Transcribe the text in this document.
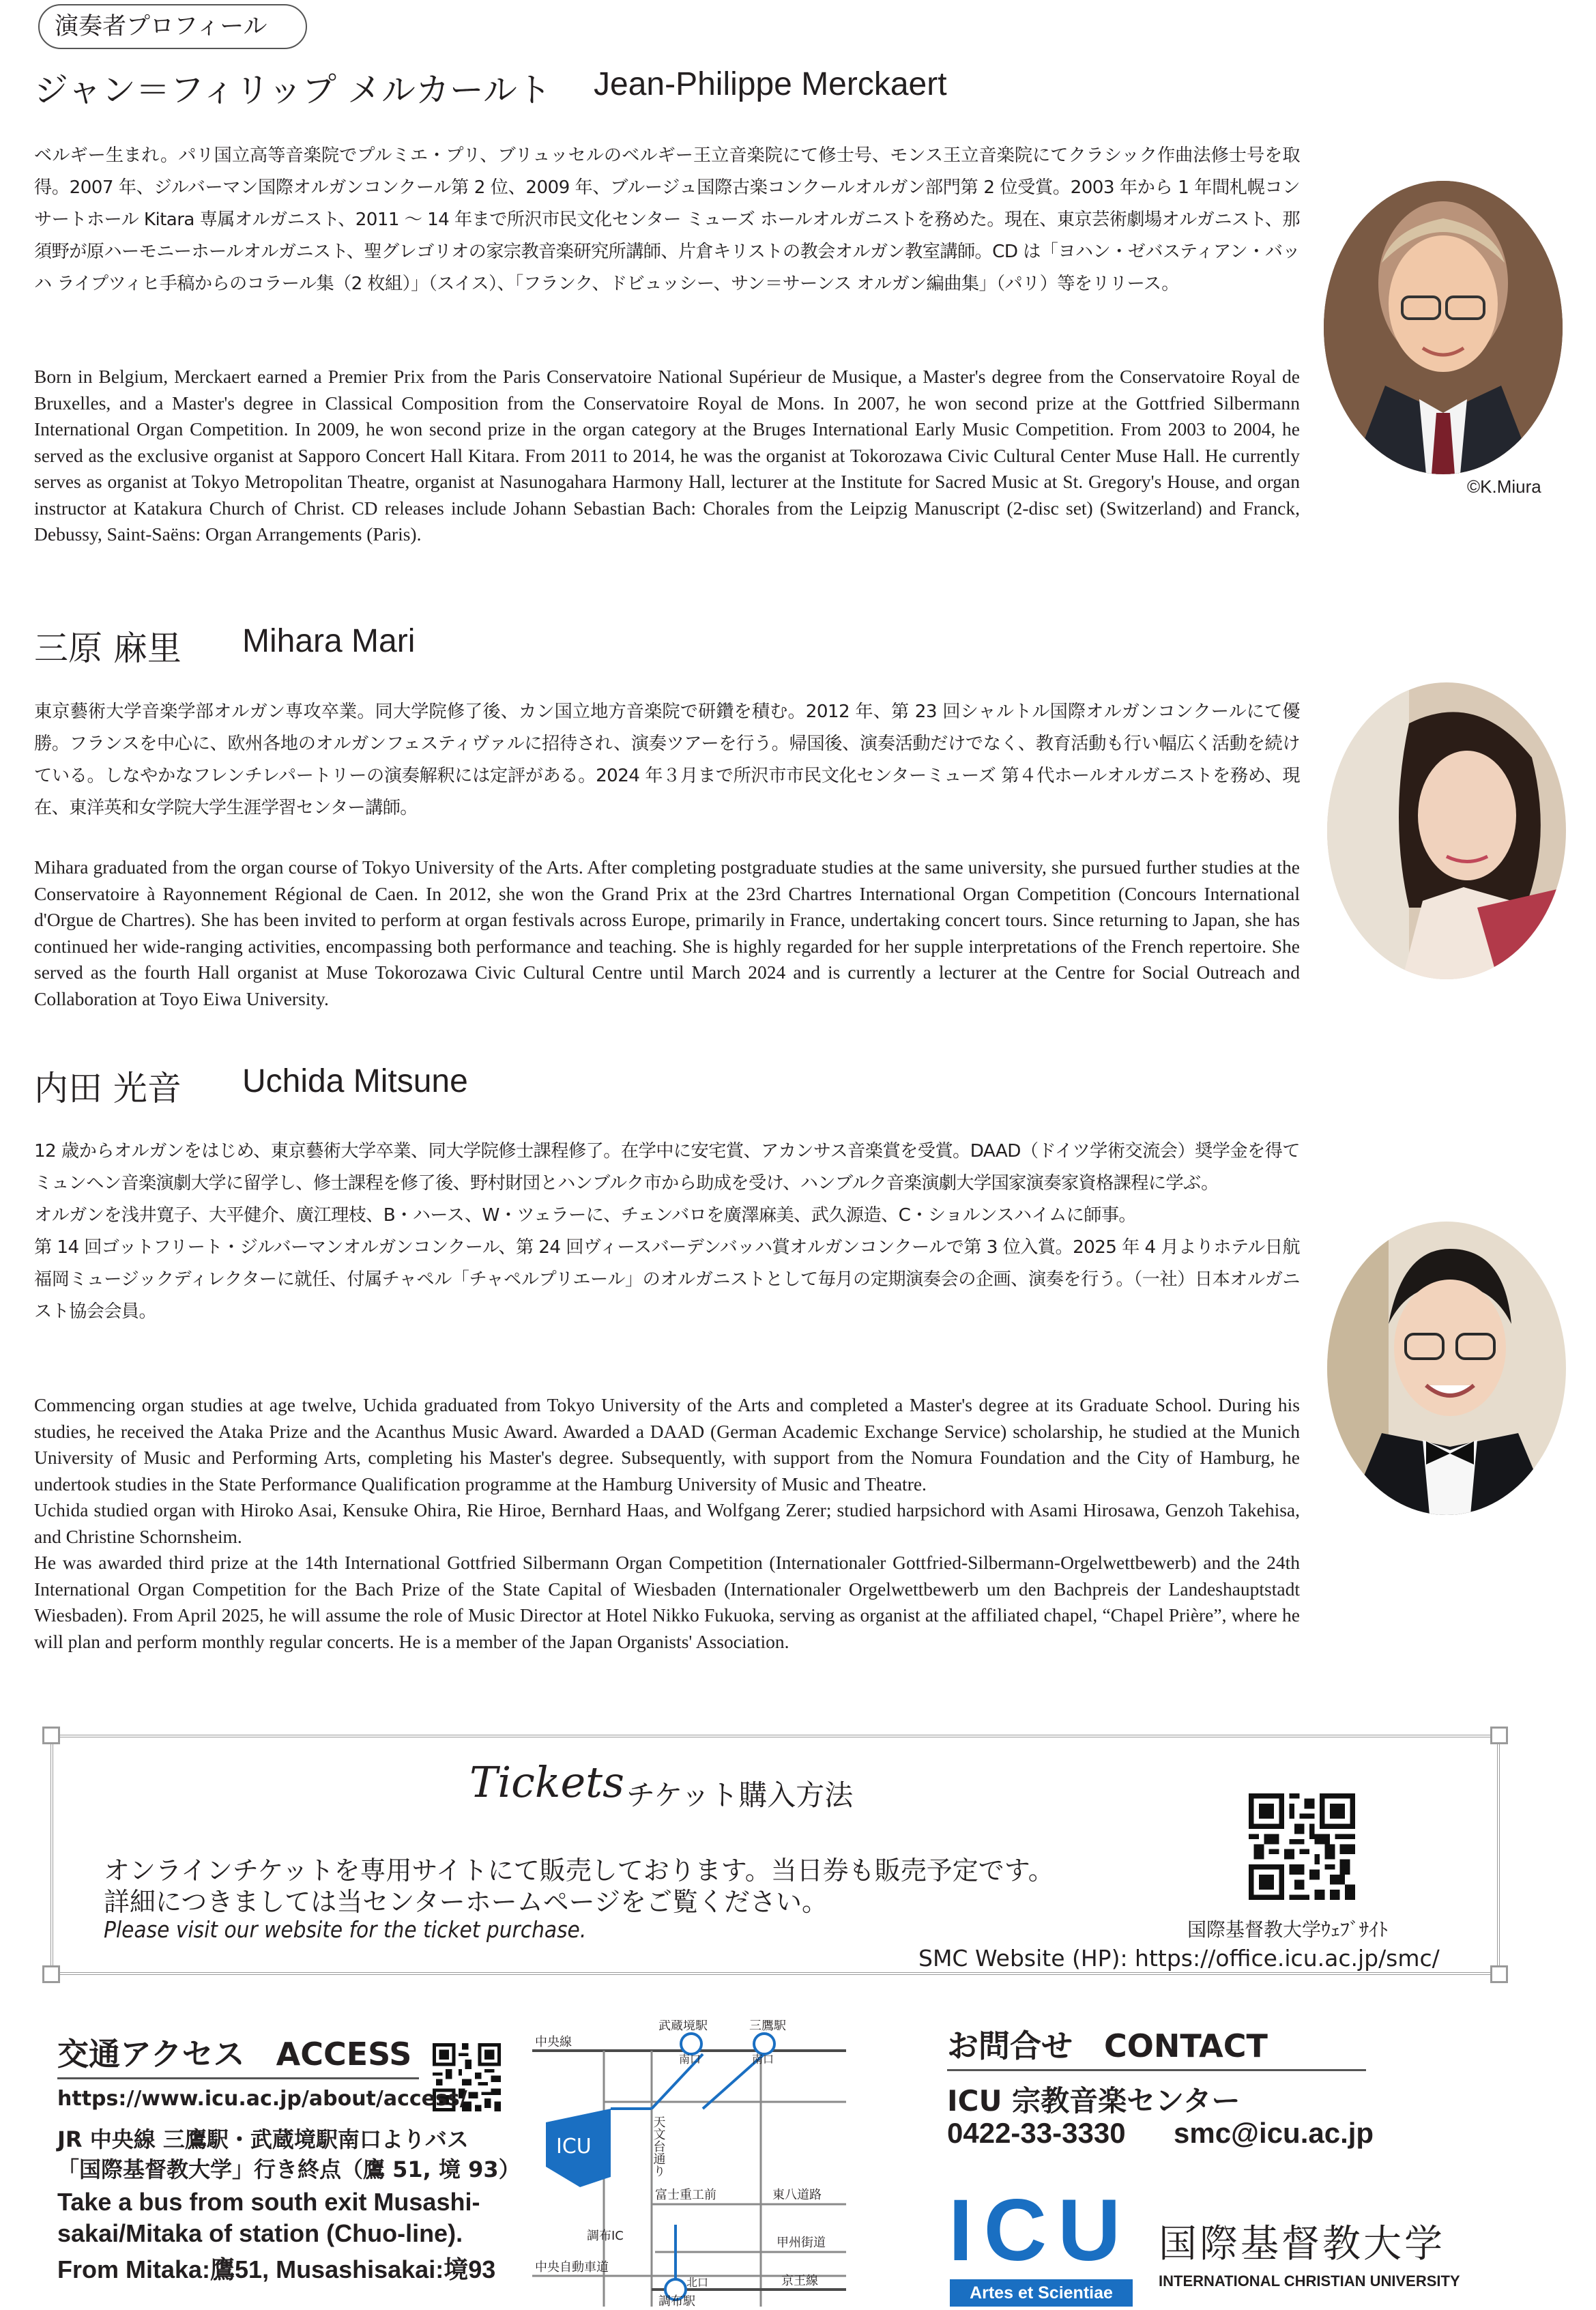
演奏者プロフィール
ジャン＝フィリップ メルカールト Jean-Philippe Merckaert
ベルギー生まれ。パリ国立高等音楽院でプルミエ・プリ、ブリュッセルのベルギー王立音楽院にて修士号、モンス王立音楽院にてクラシック作曲法修士号を取得。2007 年、ジルバーマン国際オルガンコンクール第 2 位、2009 年、ブルージュ国際古楽コンクールオルガン部門第 2 位受賞。2003 年から 1 年間札幌コンサートホール Kitara 専属オルガニスト、2011 ～ 14 年まで所沢市民文化センター ミューズ ホールオルガニストを務めた。現在、東京芸術劇場オルガニスト、那須野が原ハーモニーホールオルガニスト、聖グレゴリオの家宗教音楽研究所講師、片倉キリストの教会オルガン教室講師。CD は「ヨハン・ゼバスティアン・バッハ ライプツィヒ手稿からのコラール集（2 枚組）」（スイス）、「フランク、ドビュッシー、サン＝サーンス オルガン編曲集」（パリ）等をリリース。

Born in Belgium, Merckaert earned a Premier Prix from the Paris Conservatoire National Supérieur de Musique, a Master's degree from the Conservatoire Royal de Bruxelles, and a Master's degree in Classical Composition from the Conservatoire Royal de Mons. In 2007, he won second prize at the Gottfried Silbermann International Organ Competition. In 2009, he won second prize in the organ category at the Bruges International Early Music Competition. From 2003 to 2004, he served as the exclusive organist at Sapporo Concert Hall Kitara. From 2011 to 2014, he was the organist at Tokorozawa Civic Cultural Center Muse Hall. He currently serves as organist at Tokyo Metropolitan Theatre, organist at Nasunogahara Harmony Hall, lecturer at the Institute for Sacred Music at St. Gregory's House, and organ instructor at Katakura Church of Christ. CD releases include Johann Sebastian Bach: Chorales from the Leipzig Manuscript (2-disc set) (Switzerland) and Franck, Debussy, Saint-Saëns: Organ Arrangements (Paris).

©K.Miura
三原 麻里 Mihara Mari
東京藝術大学音楽学部オルガン専攻卒業。同大学院修了後、カン国立地方音楽院で研鑽を積む。2012 年、第 23 回シャルトル国際オルガンコンクールにて優勝。フランスを中心に、欧州各地のオルガンフェスティヴァルに招待され、演奏ツアーを行う。帰国後、演奏活動だけでなく、教育活動も行い幅広く活動を続けている。しなやかなフレンチレパートリーの演奏解釈には定評がある。2024 年３月まで所沢市市民文化センターミューズ 第４代ホールオルガニストを務め、現在、東洋英和女学院大学生涯学習センター講師。

Mihara graduated from the organ course of Tokyo University of the Arts. After completing postgraduate studies at the same university, she pursued further studies at the Conservatoire à Rayonnement Régional de Caen. In 2012, she won the Grand Prix at the 23rd Chartres International Organ Competition (Concours International d'Orgue de Chartres). She has been invited to perform at organ festivals across Europe, primarily in France, undertaking concert tours. Since returning to Japan, she has continued her wide-ranging activities, encompassing both performance and teaching. She is highly regarded for her supple interpretations of the French repertoire. She served as the fourth Hall organist at Muse Tokorozawa Civic Cultural Centre until March 2024 and is currently a lecturer at the Centre for Social Outreach and Collaboration at Toyo Eiwa University.

内田 光音 Uchida Mitsune
12 歳からオルガンをはじめ、東京藝術大学卒業、同大学院修士課程修了。在学中に安宅賞、アカンサス音楽賞を受賞。DAAD（ドイツ学術交流会）奨学金を得てミュンヘン音楽演劇大学に留学し、修士課程を修了後、野村財団とハンブルク市から助成を受け、ハンブルク音楽演劇大学国家演奏家資格課程に学ぶ。
オルガンを浅井寛子、大平健介、廣江理枝、B・ハース、W・ツェラーに、チェンバロを廣澤麻美、武久源造、C・ショルンスハイムに師事。
第 14 回ゴットフリート・ジルバーマンオルガンコンクール、第 24 回ヴィースバーデンバッハ賞オルガンコンクールで第 3 位入賞。2025 年 4 月よりホテル日航福岡ミュージックディレクターに就任、付属チャペル「チャペルプリエール」のオルガニストとして毎月の定期演奏会の企画、演奏を行う。（一社）日本オルガニスト協会会員。

Commencing organ studies at age twelve, Uchida graduated from Tokyo University of the Arts and completed a Master's degree at its Graduate School. During his studies, he received the Ataka Prize and the Acanthus Music Award. Awarded a DAAD (German Academic Exchange Service) scholarship, he studied at the Munich University of Music and Performing Arts, completing his Master's degree. Subsequently, with support from the Nomura Foundation and the City of Hamburg, he undertook studies in the State Performance Qualification programme at the Hamburg University of Music and Theatre.

Uchida studied organ with Hiroko Asai, Kensuke Ohira, Rie Hiroe, Bernhard Haas, and Wolfgang Zerer; studied harpsichord with Asami Hirosawa, Genzoh Takehisa, and Christine Schornsheim.

He was awarded third prize at the 14th International Gottfried Silbermann Organ Competition (Internationaler Gottfried-Silbermann-Orgelwettbewerb) and the 24th International Organ Competition for the Bach Prize of the State Capital of Wiesbaden (Internationaler Orgelwettbewerb um den Bachpreis der Landeshauptstadt Wiesbaden). From April 2025, he will assume the role of Music Director at Hotel Nikko Fukuoka, serving as organist at the affiliated chapel, “Chapel Prière”, where he will plan and perform monthly regular concerts. He is a member of the Japan Organists' Association.

Tickets チケット購入方法
オンラインチケットを専用サイトにて販売しております。当日券も販売予定です。
詳細につきましては当センターホームページをご覧ください。
Please visit our website for the ticket purchase.	国際基督教大学ｳｪﾌﾞｻｲﾄ
SMC Website (HP): https://office.icu.ac.jp/smc/
交通アクセス　ACCESS
https://www.icu.ac.jp/about/access/
JR 中央線 三鷹駅・武蔵境駅南口よりバス
「国際基督教大学」行き終点（鷹 51, 境 93）
Take a bus from south exit Musashi-
sakai/Mitaka of station (Chuo-line).
From Mitaka:鷹51, Musashisakai:境93
武蔵境駅
南口
三鷹駅
南口
中央線
ICU	天文台通り
富士重工前	東八道路
甲州街道
京王線
調布IC
中央自動車道
北口
調布駅
お問合せ　CONTACT
ICU 宗教音楽センター
0422-33-3330 smc@icu.ac.jp
ICU
Artes et Scientiae
国際基督教大学
INTERNATIONAL CHRISTIAN UNIVERSITY
